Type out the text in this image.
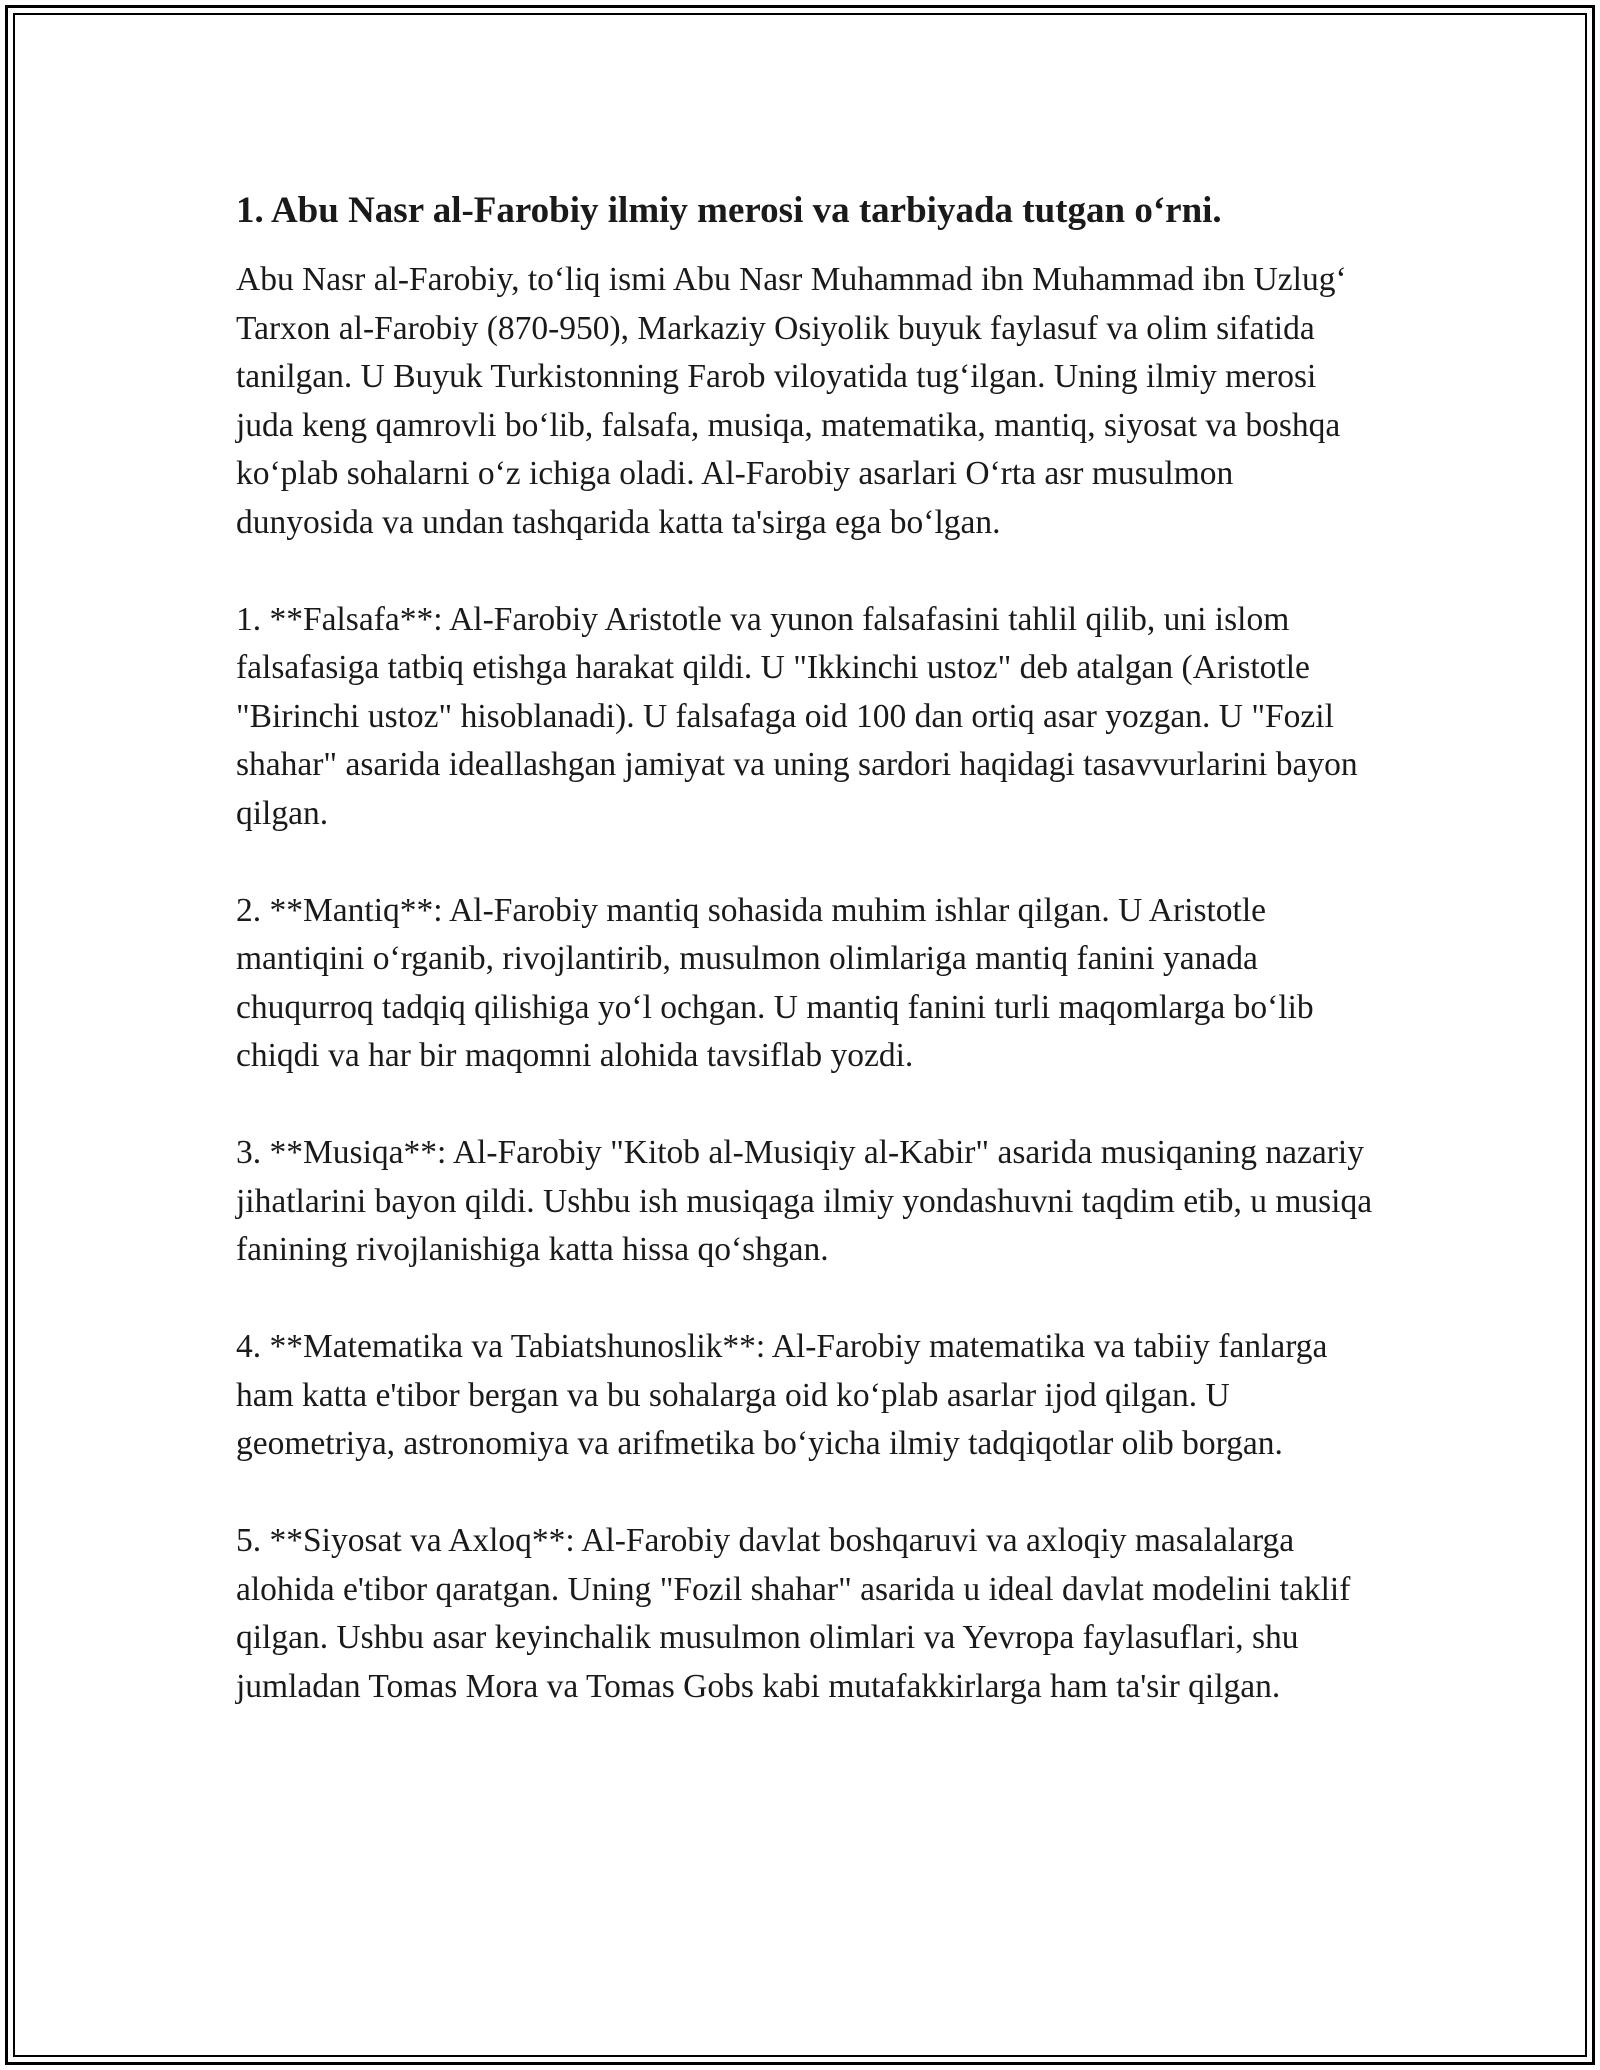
1. Abu Nasr al-Farobiy ilmiy merosi va tarbiyada tutgan o‘rni.

Abu Nasr al-Farobiy, to‘liq ismi Abu Nasr Muhammad ibn Muhammad ibn Uzlug‘ Tarxon al-Farobiy (870-950), Markaziy Osiyolik buyuk faylasuf va olim sifatida tanilgan. U Buyuk Turkistonning Farob viloyatida tug‘ilgan. Uning ilmiy merosi juda keng qamrovli bo‘lib, falsafa, musiqa, matematika, mantiq, siyosat va boshqa ko‘plab sohalarni o‘z ichiga oladi. Al-Farobiy asarlari O‘rta asr musulmon dunyosida va undan tashqarida katta ta'sirga ega bo‘lgan.

1. **Falsafa**: Al-Farobiy Aristotle va yunon falsafasini tahlil qilib, uni islom falsafasiga tatbiq etishga harakat qildi. U "Ikkinchi ustoz" deb atalgan (Aristotle "Birinchi ustoz" hisoblanadi). U falsafaga oid 100 dan ortiq asar yozgan. U "Fozil shahar" asarida ideallashgan jamiyat va uning sardori haqidagi tasavvurlarini bayon qilgan.

2. **Mantiq**: Al-Farobiy mantiq sohasida muhim ishlar qilgan. U Aristotle mantiqini o‘rganib, rivojlantirib, musulmon olimlariga mantiq fanini yanada chuqurroq tadqiq qilishiga yo‘l ochgan. U mantiq fanini turli maqomlarga bo‘lib chiqdi va har bir maqomni alohida tavsiflab yozdi.

3. **Musiqa**: Al-Farobiy "Kitob al-Musiqiy al-Kabir" asarida musiqaning nazariy jihatlarini bayon qildi. Ushbu ish musiqaga ilmiy yondashuvni taqdim etib, u musiqa fanining rivojlanishiga katta hissa qo‘shgan.

4. **Matematika va Tabiatshunoslik**: Al-Farobiy matematika va tabiiy fanlarga ham katta e'tibor bergan va bu sohalarga oid ko‘plab asarlar ijod qilgan. U geometriya, astronomiya va arifmetika bo‘yicha ilmiy tadqiqotlar olib borgan.

5. **Siyosat va Axloq**: Al-Farobiy davlat boshqaruvi va axloqiy masalalarga alohida e'tibor qaratgan. Uning "Fozil shahar" asarida u ideal davlat modelini taklif qilgan. Ushbu asar keyinchalik musulmon olimlari va Yevropa faylasuflari, shu jumladan Tomas Mora va Tomas Gobs kabi mutafakkirlarga ham ta'sir qilgan.
